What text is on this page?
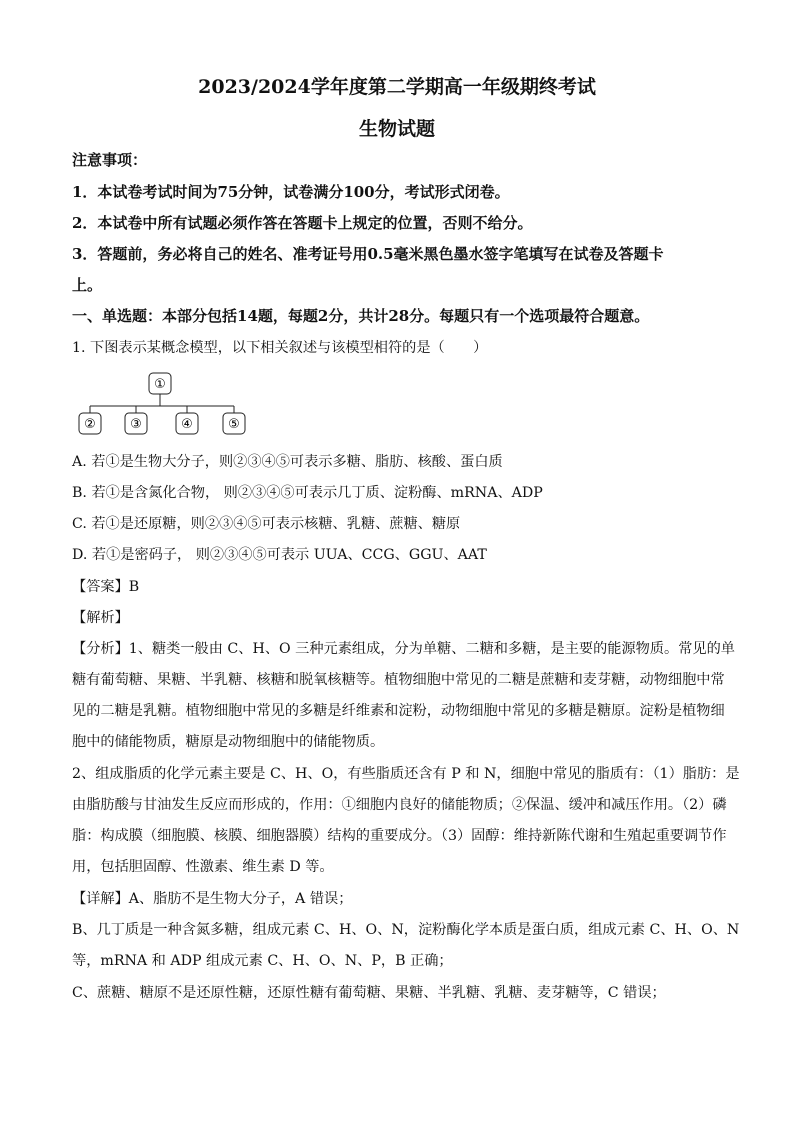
2023/2024学年度第二学期高一年级期终考试
生物试题
注意事项：
1．本试卷考试时间为75分钟，试卷满分100分，考试形式闭卷。
2．本试卷中所有试题必须作答在答题卡上规定的位置，否则不给分。
3．答题前，务必将自己的姓名、准考证号用0.5毫米黑色墨水签字笔填写在试卷及答题卡
上。
一、单选题：本部分包括14题，每题2分，共计28分。每题只有一个选项最符合题意。
1. 下图表示某概念模型，以下相关叙述与该模型相符的是（　　）
①
②	③	④	⑤
A. 若①是生物大分子，则②③④⑤可表示多糖、脂肪、核酸、蛋白质
B. 若①是含氮化合物， 则②③④⑤可表示几丁质、淀粉酶、mRNA、ADP
C. 若①是还原糖，则②③④⑤可表示核糖、乳糖、蔗糖、糖原
D. 若①是密码子， 则②③④⑤可表示 UUA、CCG、GGU、AAT
【答案】B
【解析】
【分析】1、糖类一般由 C、H、O 三种元素组成，分为单糖、二糖和多糖，是主要的能源物质。常见的单
糖有葡萄糖、果糖、半乳糖、核糖和脱氧核糖等。植物细胞中常见的二糖是蔗糖和麦芽糖，动物细胞中常
见的二糖是乳糖。植物细胞中常见的多糖是纤维素和淀粉，动物细胞中常见的多糖是糖原。淀粉是植物细
胞中的储能物质，糖原是动物细胞中的储能物质。
2、组成脂质的化学元素主要是 C、H、O，有些脂质还含有 P 和 N，细胞中常见的脂质有：（1）脂肪：是
由脂肪酸与甘油发生反应而形成的，作用：①细胞内良好的储能物质；②保温、缓冲和减压作用。（2）磷
脂：构成膜（细胞膜、核膜、细胞器膜）结构的重要成分。（3）固醇：维持新陈代谢和生殖起重要调节作
用，包括胆固醇、性激素、维生素 D 等。
【详解】A、脂肪不是生物大分子，A 错误；
B、几丁质是一种含氮多糖，组成元素 C、H、O、N，淀粉酶化学本质是蛋白质，组成元素 C、H、O、N
等，mRNA 和 ADP 组成元素 C、H、O、N、P，B 正确；
C、蔗糖、糖原不是还原性糖，还原性糖有葡萄糖、果糖、半乳糖、乳糖、麦芽糖等，C 错误；
